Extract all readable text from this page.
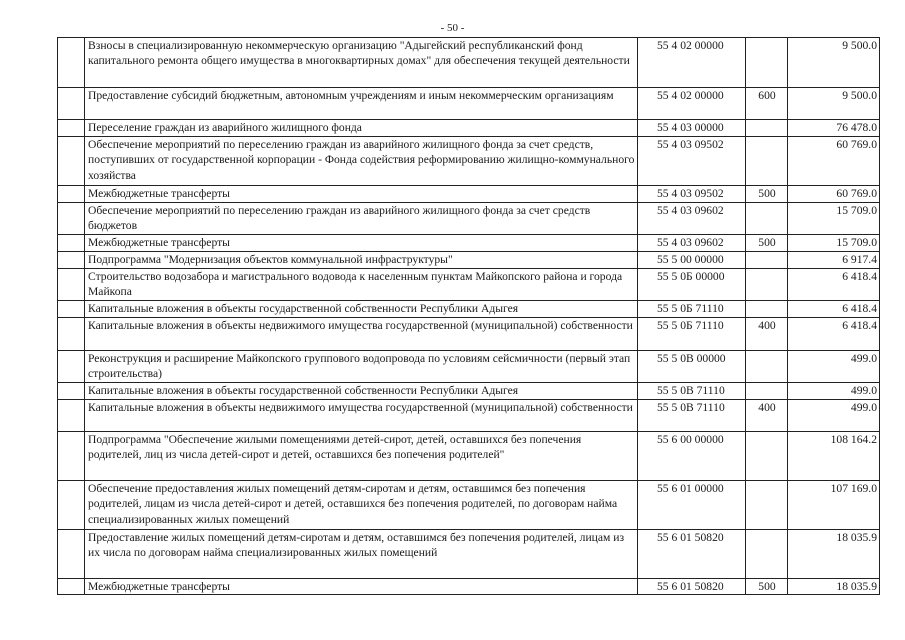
- 50 -
	Взносы в специализированную некоммерческую организацию "Адыгейский республиканский фонд капитального ремонта общего имущества в многоквартирных домах" для обеспечения текущей деятельности	55 4 02 00000		9 500.0
	Предоставление субсидий бюджетным, автономным учреждениям и иным некоммерческим организациям	55 4 02 00000	600	9 500.0
	Переселение граждан из аварийного жилищного фонда	55 4 03 00000		76 478.0
	Обеспечение мероприятий по переселению граждан из аварийного жилищного фонда за счет средств, поступивших от государственной корпорации - Фонда содействия реформированию жилищно-коммунального хозяйства	55 4 03 09502		60 769.0
	Межбюджетные трансферты	55 4 03 09502	500	60 769.0
	Обеспечение мероприятий по переселению граждан из аварийного жилищного фонда за счет средств бюджетов	55 4 03 09602		15 709.0
	Межбюджетные трансферты	55 4 03 09602	500	15 709.0
	Подпрограмма "Модернизация объектов коммунальной инфраструктуры"	55 5 00 00000		6 917.4
	Строительство водозабора и магистрального водовода к населенным пунктам Майкопского района и города Майкопа	55 5 0Б 00000		6 418.4
	Капитальные вложения в объекты государственной собственности Республики Адыгея	55 5 0Б 71110		6 418.4
	Капитальные вложения в объекты недвижимого имущества государственной (муниципальной) собственности	55 5 0Б 71110	400	6 418.4
	Реконструкция и расширение Майкопского группового водопровода по условиям сейсмичности (первый этап строительства)	55 5 0В 00000		499.0
	Капитальные вложения в объекты государственной собственности Республики Адыгея	55 5 0В 71110		499.0
	Капитальные вложения в объекты недвижимого имущества государственной (муниципальной) собственности	55 5 0В 71110	400	499.0
	Подпрограмма "Обеспечение жилыми помещениями детей-сирот, детей, оставшихся без попечения родителей, лиц из числа детей-сирот и детей, оставшихся без попечения родителей"	55 6 00 00000		108 164.2
	Обеспечение предоставления жилых помещений детям-сиротам и детям, оставшимся без попечения родителей, лицам из числа детей-сирот и детей, оставшихся без попечения родителей, по договорам найма специализированных жилых помещений	55 6 01 00000		107 169.0
	Предоставление жилых помещений детям-сиротам и детям, оставшимся без попечения родителей, лицам из их числа по договорам найма специализированных жилых помещений	55 6 01 50820		18 035.9
	Межбюджетные трансферты	55 6 01 50820	500	18 035.9
